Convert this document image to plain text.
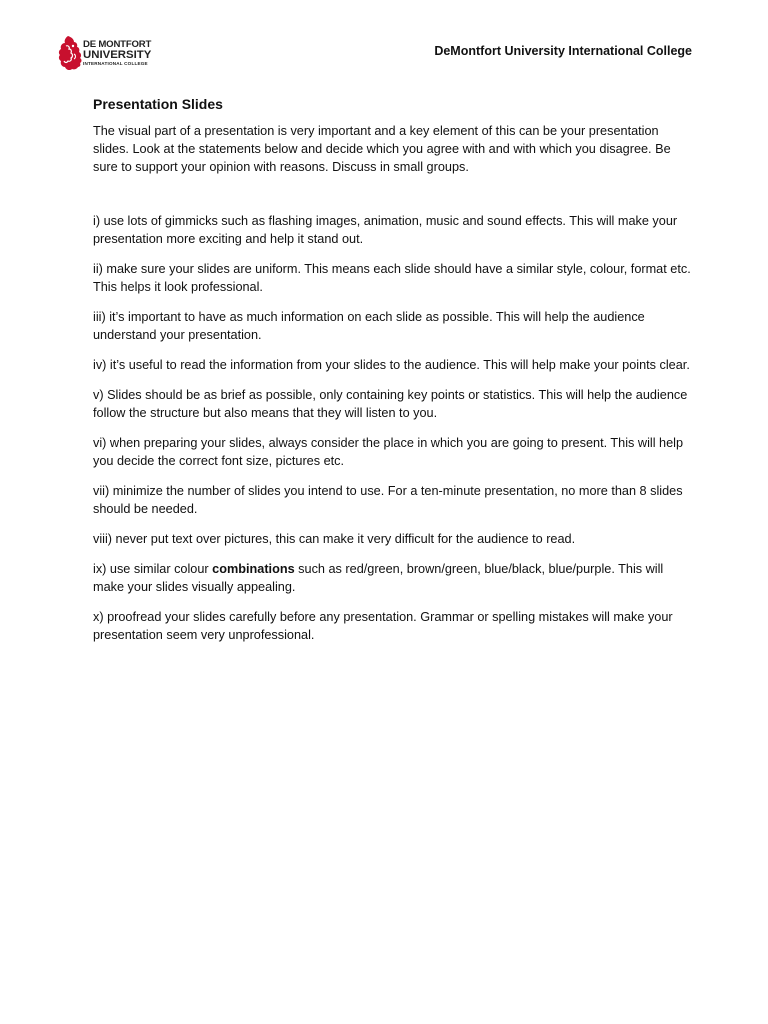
DE MONTFORT
UNIVERSITY
INTERNATIONAL COLLEGE
DeMontfort University International College
Presentation Slides

The visual part of a presentation is very important and a key element of this can be your presentation slides. Look at the statements below and decide which you agree with and with which you disagree. Be sure to support your opinion with reasons. Discuss in small groups.

i) use lots of gimmicks such as flashing images, animation, music and sound effects. This will make your presentation more exciting and help it stand out.

ii) make sure your slides are uniform. This means each slide should have a similar style, colour, format etc. This helps it look professional.

iii) it’s important to have as much information on each slide as possible. This will help the audience understand your presentation.

iv) it’s useful to read the information from your slides to the audience. This will help make your points clear.

v) Slides should be as brief as possible, only containing key points or statistics. This will help the audience follow the structure but also means that they will listen to you.

vi) when preparing your slides, always consider the place in which you are going to present. This will help you decide the correct font size, pictures etc.

vii) minimize the number of slides you intend to use. For a ten-minute presentation, no more than 8 slides should be needed.

viii) never put text over pictures, this can make it very difficult for the audience to read.

ix) use similar colour combinations such as red/green, brown/green, blue/black, blue/purple. This will make your slides visually appealing.

x) proofread your slides carefully before any presentation. Grammar or spelling mistakes will make your presentation seem very unprofessional.
